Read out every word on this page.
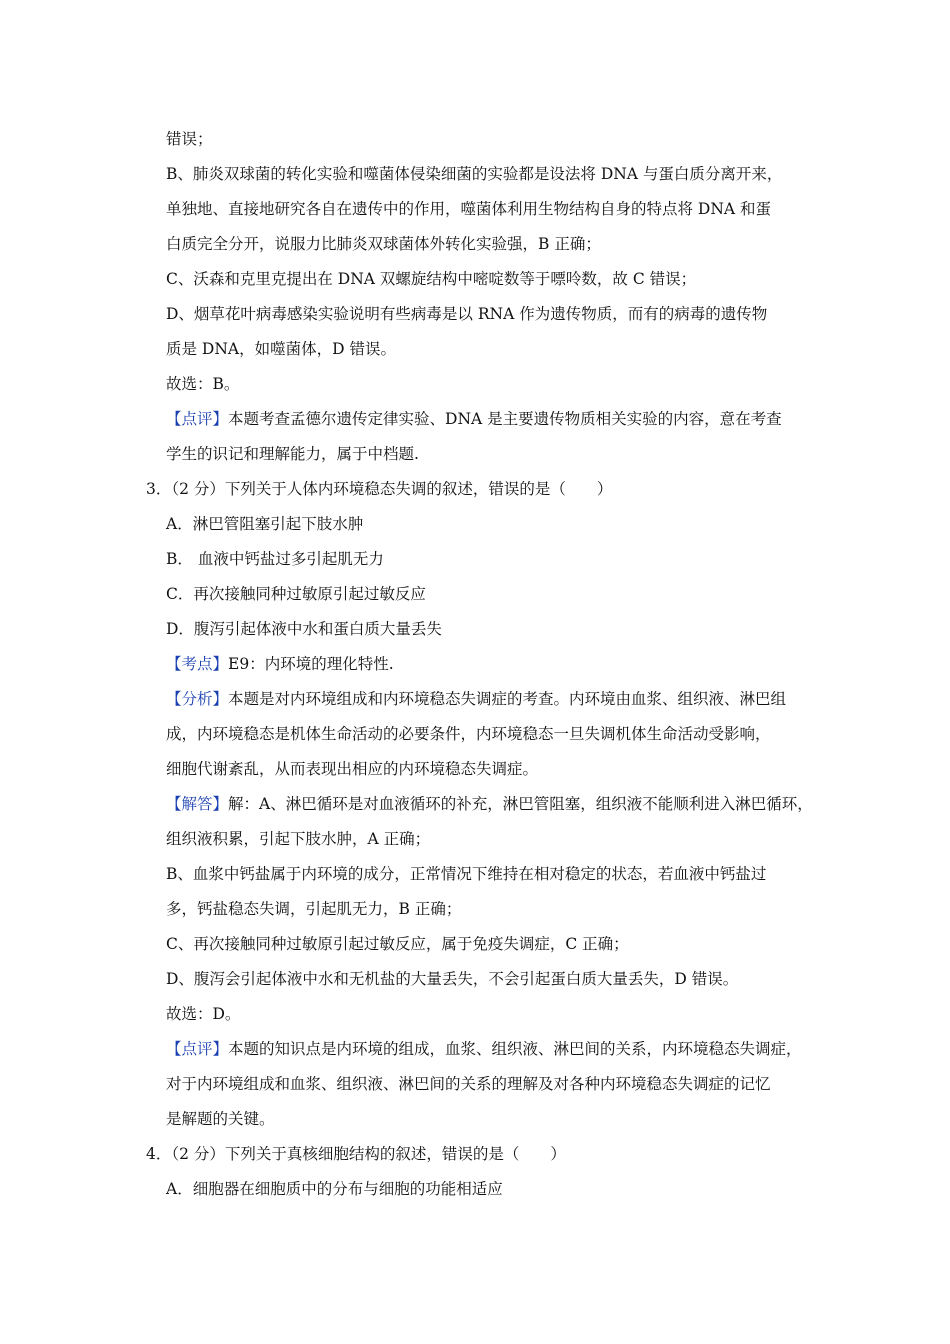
错误；
B、肺炎双球菌的转化实验和噬菌体侵染细菌的实验都是设法将 DNA 与蛋白质分离开来，
单独地、直接地研究各自在遗传中的作用，噬菌体利用生物结构自身的特点将 DNA 和蛋
白质完全分开，说服力比肺炎双球菌体外转化实验强，B 正确；
C、沃森和克里克提出在 DNA 双螺旋结构中嘧啶数等于嘌呤数，故 C 错误；
D、烟草花叶病毒感染实验说明有些病毒是以 RNA 作为遗传物质，而有的病毒的遗传物
质是 DNA，如噬菌体，D 错误。
故选：B。
【点评】本题考查孟德尔遗传定律实验、DNA 是主要遗传物质相关实验的内容，意在考查
学生的识记和理解能力，属于中档题.
3．（2 分）下列关于人体内环境稳态失调的叙述，错误的是（　　）
A．淋巴管阻塞引起下肢水肿
B． 血液中钙盐过多引起肌无力
C．再次接触同种过敏原引起过敏反应
D．腹泻引起体液中水和蛋白质大量丢失
【考点】E9：内环境的理化特性.
【分析】本题是对内环境组成和内环境稳态失调症的考查。内环境由血浆、组织液、淋巴组
成，内环境稳态是机体生命活动的必要条件，内环境稳态一旦失调机体生命活动受影响，
细胞代谢紊乱，从而表现出相应的内环境稳态失调症。
【解答】解：A、淋巴循环是对血液循环的补充，淋巴管阻塞，组织液不能顺利进入淋巴循环，
组织液积累，引起下肢水肿，A 正确；
B、血浆中钙盐属于内环境的成分，正常情况下维持在相对稳定的状态，若血液中钙盐过
多，钙盐稳态失调，引起肌无力，B 正确；
C、再次接触同种过敏原引起过敏反应，属于免疫失调症，C 正确；
D、腹泻会引起体液中水和无机盐的大量丢失，不会引起蛋白质大量丢失，D 错误。
故选：D。
【点评】本题的知识点是内环境的组成，血浆、组织液、淋巴间的关系，内环境稳态失调症，
对于内环境组成和血浆、组织液、淋巴间的关系的理解及对各种内环境稳态失调症的记忆
是解题的关键。
4．（2 分）下列关于真核细胞结构的叙述，错误的是（　　）
A．细胞器在细胞质中的分布与细胞的功能相适应
